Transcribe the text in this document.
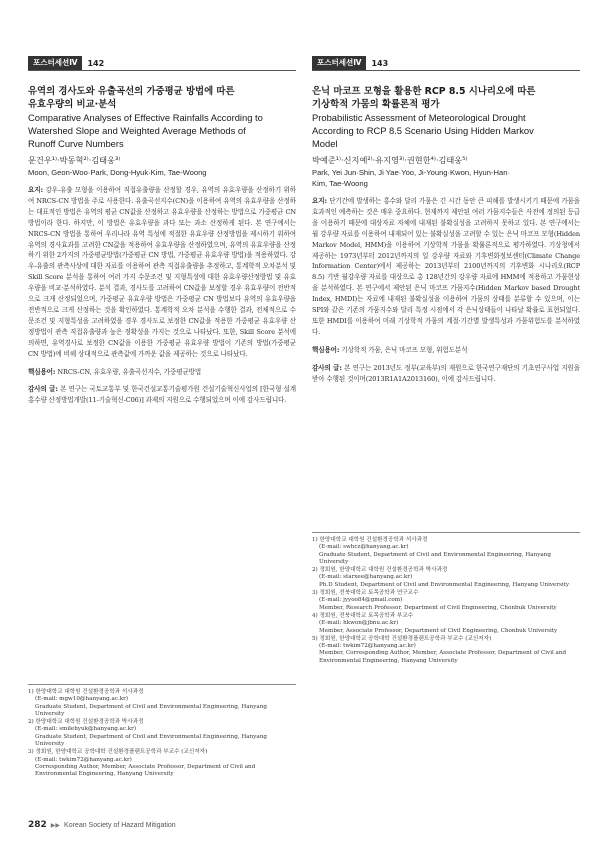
포스터세션Ⅳ	142
유역의 경사도와 유출곡선의 가중평균 방법에 따른
유효우량의 비교·분석
Comparative Analyses of Effective Rainfalls According to
Watershed Slope and Weighted Average Methods of
Runoff Curve Numbers
문건우¹⁾·박동혁²⁾·김태웅³⁾
Moon, Geon-Woo·Park, Dong-Hyuk·Kim, Tae-Woong
요지: 강우-유출 모형을 이용하여 직접유출량을 산정할 경우, 유역의 유효우량을 산정하기 위하여 NRCS-CN 방법을 주로 사용한다. 유출곡선지수(CN)을 이용하여 유역의 유효우량을 산정하는 대표적인 방법은 유역의 평균 CN값을 산정하고 유효우량을 산정하는 방법으로 가중평균 CN 방법이라 한다. 하지만, 이 방법은 유효우량을 과다 또는 과소 산정하게 된다. 본 연구에서는 NRCS-CN 방법을 통하여 우리나라 유역 특성에 적절한 유효우량 산정방법을 제시하기 위하여 유역의 경사효과를 고려한 CN값을 적용하여 유효우량을 산정하였으며, 유역의 유효우량을 산정하기 위한 2가지의 가중평균방법(가중평균 CN 방법, 가중평균 유효우량 방법)을 적용하였다. 강우-유출의 관측사상에 대한 자료를 이용하여 관측 직접유출량을 추정하고, 통계학적 오차분석 및 Skill Score 분석을 통하여 여러 가지 수문조건 및 지형특성에 대한 유효우량산정방법 및 유효우량을 비교·분석하였다. 분석 결과, 경사도를 고려하여 CN값을 보정할 경우 유효우량이 전반적으로 크게 산정되었으며, 가중평균 유효우량 방법은 가중평균 CN 방법보다 유역의 유효우량을 전반적으로 크게 산정하는 것을 확인하였다. 통계학적 오차 분석을 수행한 결과, 전체적으로 수문조건 및 지형특성을 고려하였을 경우 경사도로 보정한 CN값을 적용한 가중평균 유효우량 산정방법이 관측 직접유출량과 높은 정확성을 가지는 것으로 나타났다. 또한, Skill Score 분석에 의하면, 유역경사로 보정한 CN값을 이용한 가중평균 유효우량 방법이 기존의 방법(가중평균 CN 방법)에 비해 상대적으로 관측값에 가까운 값을 제공하는 것으로 나타났다.
핵심용어: NRCS-CN, 유효우량, 유출곡선지수, 가중평균방법
감사의 글: 본 연구는 국토교통부 및 한국건설교통기술평가원 건설기술혁신사업의 [한국형 설계홍수량 산정방법개발(11-기술혁신-C06)] 과제의 지원으로 수행되었으며 이에 감사드립니다.
1) 한양대학교 대학원 건설환경공학과 석사과정
(E-mail: mgw10@hanyang.ac.kr)
Graduate Student, Department of Civil and Environmental Engineering, Hanyang University
2) 한양대학교 대학원 건설환경공학과 박사과정
(E-mail: smilehyuk@hanyang.ac.kr)
Graduate Student, Department of Civil and Environmental Engineering, Hanyang University
3) 정회원, 한양대학교 공학대학 건설환경플랜트공학과 부교수 (교신저자)
(E-mail: twkim72@hanyang.ac.kr)
Corresponding Author, Member, Associate Professor, Department of Civil and Environmental Engineering, Hanyang University
포스터세션Ⅳ	143
은닉 마코프 모형을 활용한 RCP 8.5 시나리오에 따른
기상학적 가뭄의 확률론적 평가
Probabilistic Assessment of Meteorological Drought
According to RCP 8.5 Scenario Using Hidden Markov
Model
박예준¹⁾·신지예²⁾·유지영³⁾·권현한⁴⁾·김태웅⁵⁾
Park, Yei Jun·Shin, Ji Yae·Yoo, Ji-Young·Kwon, Hyun-Han·
Kim, Tae-Woong
요지: 단기간에 발생하는 홍수와 달리 가뭄은 긴 시간 동안 큰 피해를 발생시키기 때문에 가뭄을 효과적인 예측하는 것은 매우 중요하다. 현재까지 제안된 여러 가뭄지수들은 사전에 정의된 등급을 이용하기 때문에 대상자료 자체에 내재된 불확실성을 고려하지 못하고 있다. 본 연구에서는 월 강우량 자료를 이용하여 내재되어 있는 불확실성을 고려할 수 있는 은닉 마코프 모형(Hidden Markov Model, HMM)을 이용하여 기상학적 가뭄을 확률론적으로 평가하였다. 기상청에서 제공하는 1973년부터 2012년까지의 일 강우량 자료와 기후변화정보센터(Climate Change Information Center)에서 제공하는 2013년부터 2100년까지의 기후변화 시나리오(RCP 8.5) 기반 월강우량 자료를 대상으로 총 128년간의 강우량 자료에 HMM에 적용하고 가뭄현상을 분석하였다. 본 연구에서 제안된 은닉 마코프 가뭄지수(Hidden Markov based Drought Index, HMDI)는 자료에 내재된 불확실성을 이용하여 가뭄의 상태를 분류할 수 있으며, 이는 SPI와 같은 기존의 가뭄지수와 달리 특정 시점에서 각 은닉상태들이 나타날 확률로 표현되었다. 또한 HMDI를 이용하여 미래 기상학적 가뭄의 계절·기간별 발생특성과 가뭄위험도를 분석하였다.
핵심용어: 기상학적 가뭄, 은닉 마코프 모형, 위험도분석
감사의 글: 본 연구는 2013년도 정부(교육부)의 재원으로 한국연구재단의 기초연구사업 지원을 받아 수행된 것이며(2013R1A1A2013160), 이에 감사드립니다.
1) 한양대학교 대학원 건설환경공학과 석사과정
(E-mail: swhcz@hanyang.ac.kr)
Graduate Student, Department of Civil and Environmental Engineering, Hanyang University
2) 정회원, 한양대학교 대학원 건설환경공학과 박사과정
(E-mail: starxee@hanyang.ac.kr)
Ph.D Student, Department of Civil and Environmental Engineering, Hanyang University
3) 정회원, 전북대학교 토목공학과 연구교수
(E-mail: jyyoo84@gmail.com)
Member, Research Professor, Department of Civil Engineering, Chonbuk University
4) 정회원, 전북대학교 토목공학과 부교수
(E-mail: hkwon@jbnu.ac.kr)
Member, Associate Professor, Department of Civil Engineering, Chonbuk University
5) 정회원, 한양대학교 공학대학 건설환경플랜트공학과 부교수 (교신저자)
(E-mail: twkim72@hanyang.ac.kr)
Member, Corresponding Author, Member, Associate Professor, Department of Civil and Environmental Engineering, Hanyang University
282 ▶▶ Korean Society of Hazard Mitigation
